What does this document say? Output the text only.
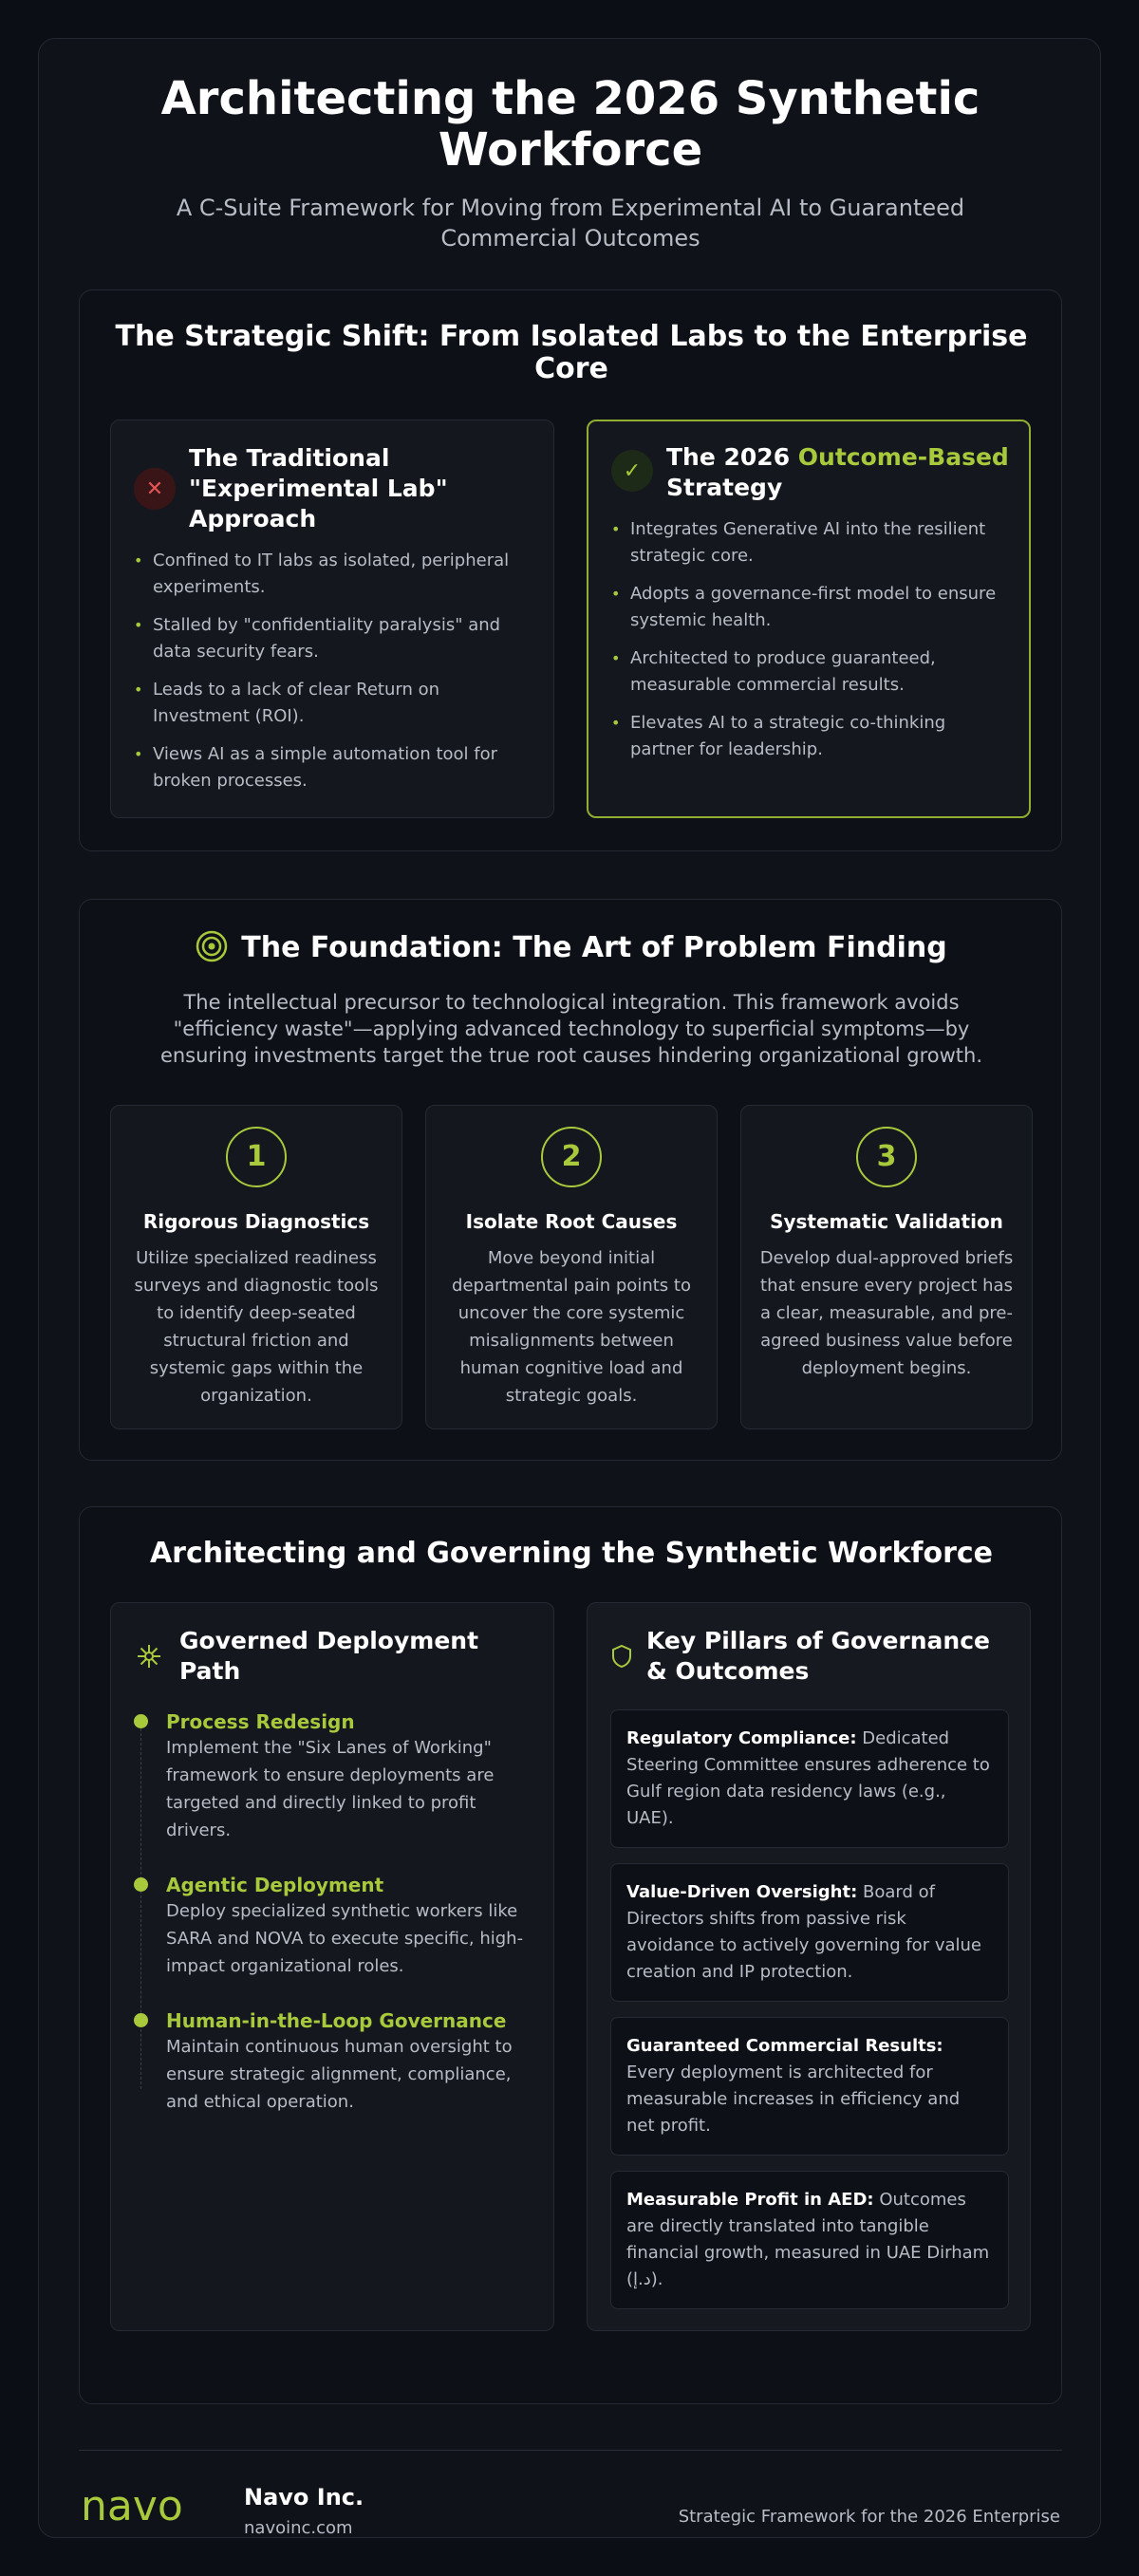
Architecting the 2026 Synthetic Workforce

A C-Suite Framework for Moving from Experimental AI to Guaranteed Commercial Outcomes

The Strategic Shift: From Isolated Labs to the Enterprise Core
✕
The Traditional "Experimental Lab" Approach
• Confined to IT labs as isolated, peripheral experiments.
• Stalled by "confidentiality paralysis" and data security fears.
• Leads to a lack of clear Return on Investment (ROI).
• Views AI as a simple automation tool for broken processes.
✓	The 2026 Outcome-Based Strategy
• Integrates Generative AI into the resilient strategic core.
• Adopts a governance-first model to ensure systemic health.
• Architected to produce guaranteed, measurable commercial results.
• Elevates AI to a strategic co-thinking partner for leadership.
The Foundation: The Art of Problem Finding

The intellectual precursor to technological integration. This framework avoids "efficiency waste"—applying advanced technology to superficial symptoms—by ensuring investments target the true root causes hindering organizational growth.

1
Rigorous Diagnostics

Utilize specialized readiness surveys and diagnostic tools to identify deep-seated structural friction and systemic gaps within the organization.

2
Isolate Root Causes

Move beyond initial departmental pain points to uncover the core systemic misalignments between human cognitive load and strategic goals.

3
Systematic Validation

Develop dual-approved briefs that ensure every project has a clear, measurable, and pre-agreed business value before deployment begins.

Architecting and Governing the Synthetic Workforce
Governed Deployment Path
Process Redesign

Implement the "Six Lanes of Working" framework to ensure deployments are targeted and directly linked to profit drivers.

Agentic Deployment

Deploy specialized synthetic workers like SARA and NOVA to execute specific, high-impact organizational roles.

Human-in-the-Loop Governance

Maintain continuous human oversight to ensure strategic alignment, compliance, and ethical operation.

Key Pillars of Governance & Outcomes

Regulatory Compliance: Dedicated Steering Committee ensures adherence to Gulf region data residency laws (e.g., UAE).

Value-Driven Oversight: Board of Directors shifts from passive risk avoidance to actively governing for value creation and IP protection.

Guaranteed Commercial Results: Every deployment is architected for measurable increases in efficiency and net profit.

Measurable Profit in AED: Outcomes are directly translated into tangible financial growth, measured in UAE Dirham (د.إ).

navo	Navo Inc.
navoinc.com
Strategic Framework for the 2026 Enterprise
